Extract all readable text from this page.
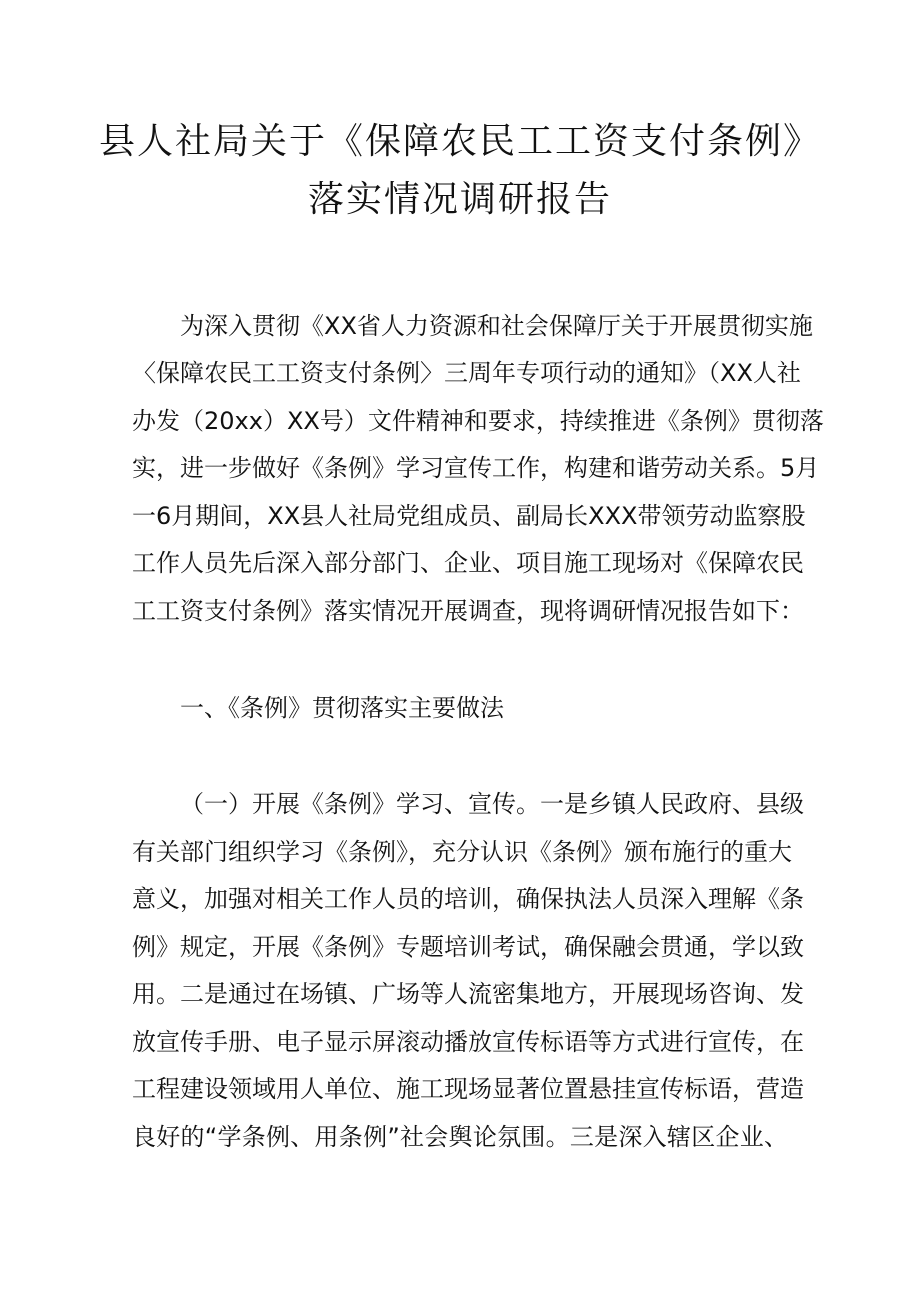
县人社局关于《保障农民工工资支付条例》
落实情况调研报告
为深入贯彻《XX省人力资源和社会保障厅关于开展贯彻实施
〈保障农民工工资支付条例〉三周年专项行动的通知》（XX人社
办发（20xx）XX号）文件精神和要求，持续推进《条例》贯彻落
实，进一步做好《条例》学习宣传工作，构建和谐劳动关系。5月
一6月期间，XX县人社局党组成员、副局长XXX带领劳动监察股
工作人员先后深入部分部门、企业、项目施工现场对《保障农民
工工资支付条例》落实情况开展调查，现将调研情况报告如下：
一、《条例》贯彻落实主要做法
（一）开展《条例》学习、宣传。一是乡镇人民政府、县级
有关部门组织学习《条例》，充分认识《条例》颁布施行的重大
意义，加强对相关工作人员的培训，确保执法人员深入理解《条
例》规定，开展《条例》专题培训考试，确保融会贯通，学以致
用。二是通过在场镇、广场等人流密集地方，开展现场咨询、发
放宣传手册、电子显示屏滚动播放宣传标语等方式进行宣传，在
工程建设领域用人单位、施工现场显著位置悬挂宣传标语，营造
良好的“学条例、用条例”社会舆论氛围。三是深入辖区企业、
